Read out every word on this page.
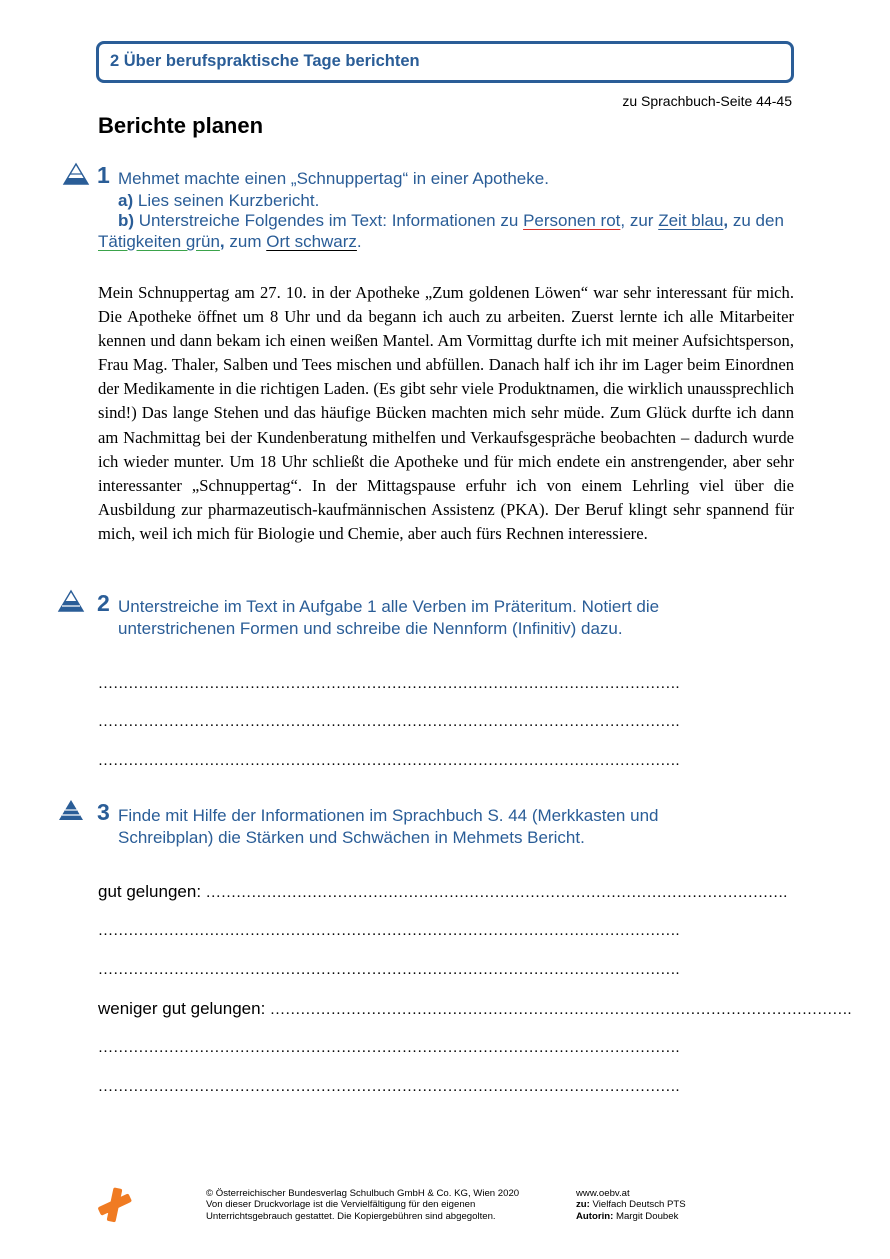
2 Über berufspraktische Tage berichten
zu Sprachbuch-Seite 44-45
Berichte planen
1 Mehmet machte einen „Schnuppertag“ in einer Apotheke.
a) Lies seinen Kurzbericht.
b) Unterstreiche Folgendes im Text: Informationen zu Personen rot, zur Zeit blau, zu den
Tätigkeiten grün, zum Ort schwarz.
Mein Schnuppertag am 27. 10. in der Apotheke „Zum goldenen Löwen“ war sehr interessant für mich. Die Apotheke öffnet um 8 Uhr und da begann ich auch zu arbeiten. Zuerst lernte ich alle Mitarbeiter kennen und dann bekam ich einen weißen Mantel. Am Vormittag durfte ich mit meiner Aufsichtsperson, Frau Mag. Thaler, Salben und Tees mischen und abfüllen. Danach half ich ihr im Lager beim Einordnen der Medikamente in die richtigen Laden. (Es gibt sehr viele Produktnamen, die wirklich unaussprechlich sind!) Das lange Stehen und das häufige Bücken machten mich sehr müde. Zum Glück durfte ich dann am Nachmittag bei der Kundenberatung mithelfen und Verkaufsgespräche beobachten – dadurch wurde ich wieder munter. Um 18 Uhr schließt die Apotheke und für mich endete ein anstrengender, aber sehr interessanter „Schnuppertag“. In der Mittagspause erfuhr ich von einem Lehrling viel über die Ausbildung zur pharmazeutisch-kaufmännischen Assistenz (PKA). Der Beruf klingt sehr spannend für mich, weil ich mich für Biologie und Chemie, aber auch fürs Rechnen interessiere.
2 Unterstreiche im Text in Aufgabe 1 alle Verben im Präteritum. Notiert die
unterstrichenen Formen und schreibe die Nennform (Infinitiv) dazu.
…………………………………………………………………………………………………….
…………………………………………………………………………………………………….
…………………………………………………………………………………………………….
3 Finde mit Hilfe der Informationen im Sprachbuch S. 44 (Merkkasten und
Schreibplan) die Stärken und Schwächen in Mehmets Bericht.
gut gelungen: …………………………………………………………………………………………………….
…………………………………………………………………………………………………….
…………………………………………………………………………………………………….
weniger gut gelungen: …………………………………………………………………………………………………….
…………………………………………………………………………………………………….
…………………………………………………………………………………………………….
© Österreichischer Bundesverlag Schulbuch GmbH & Co. KG, Wien 2020
Von dieser Druckvorlage ist die Vervielfältigung für den eigenen
Unterrichtsgebrauch gestattet. Die Kopiergebühren sind abgegolten.
www.oebv.at
zu: Vielfach Deutsch PTS
Autorin: Margit Doubek
